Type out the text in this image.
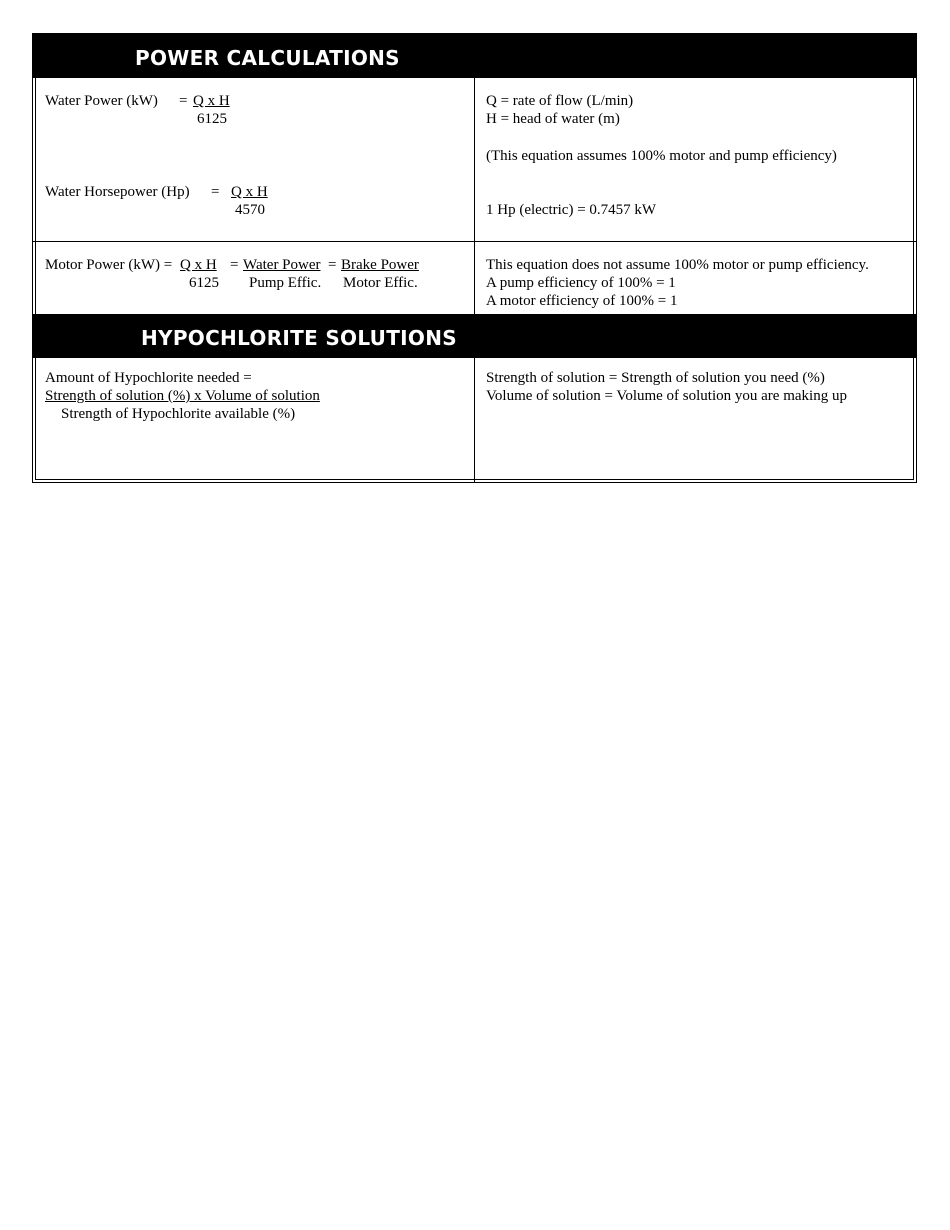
POWER CALCULATIONS
Water Power (kW) = Q x H
6125
Water Horsepower (Hp) = Q x H
4570
Q = rate of flow (L/min)
H = head of water (m)
(This equation assumes 100% motor and pump efficiency)
1 Hp (electric) = 0.7457 kW
Motor Power (kW) = Q x H = Water Power = Brake Power
6125 Pump Effic. Motor Effic.
This equation does not assume 100% motor or pump efficiency.
A pump efficiency of 100% = 1
A motor efficiency of 100% = 1
HYPOCHLORITE SOLUTIONS
Amount of Hypochlorite needed =
Strength of solution (%) x Volume of solution
Strength of Hypochlorite available (%)
Strength of solution = Strength of solution you need (%)
Volume of solution = Volume of solution you are making up
